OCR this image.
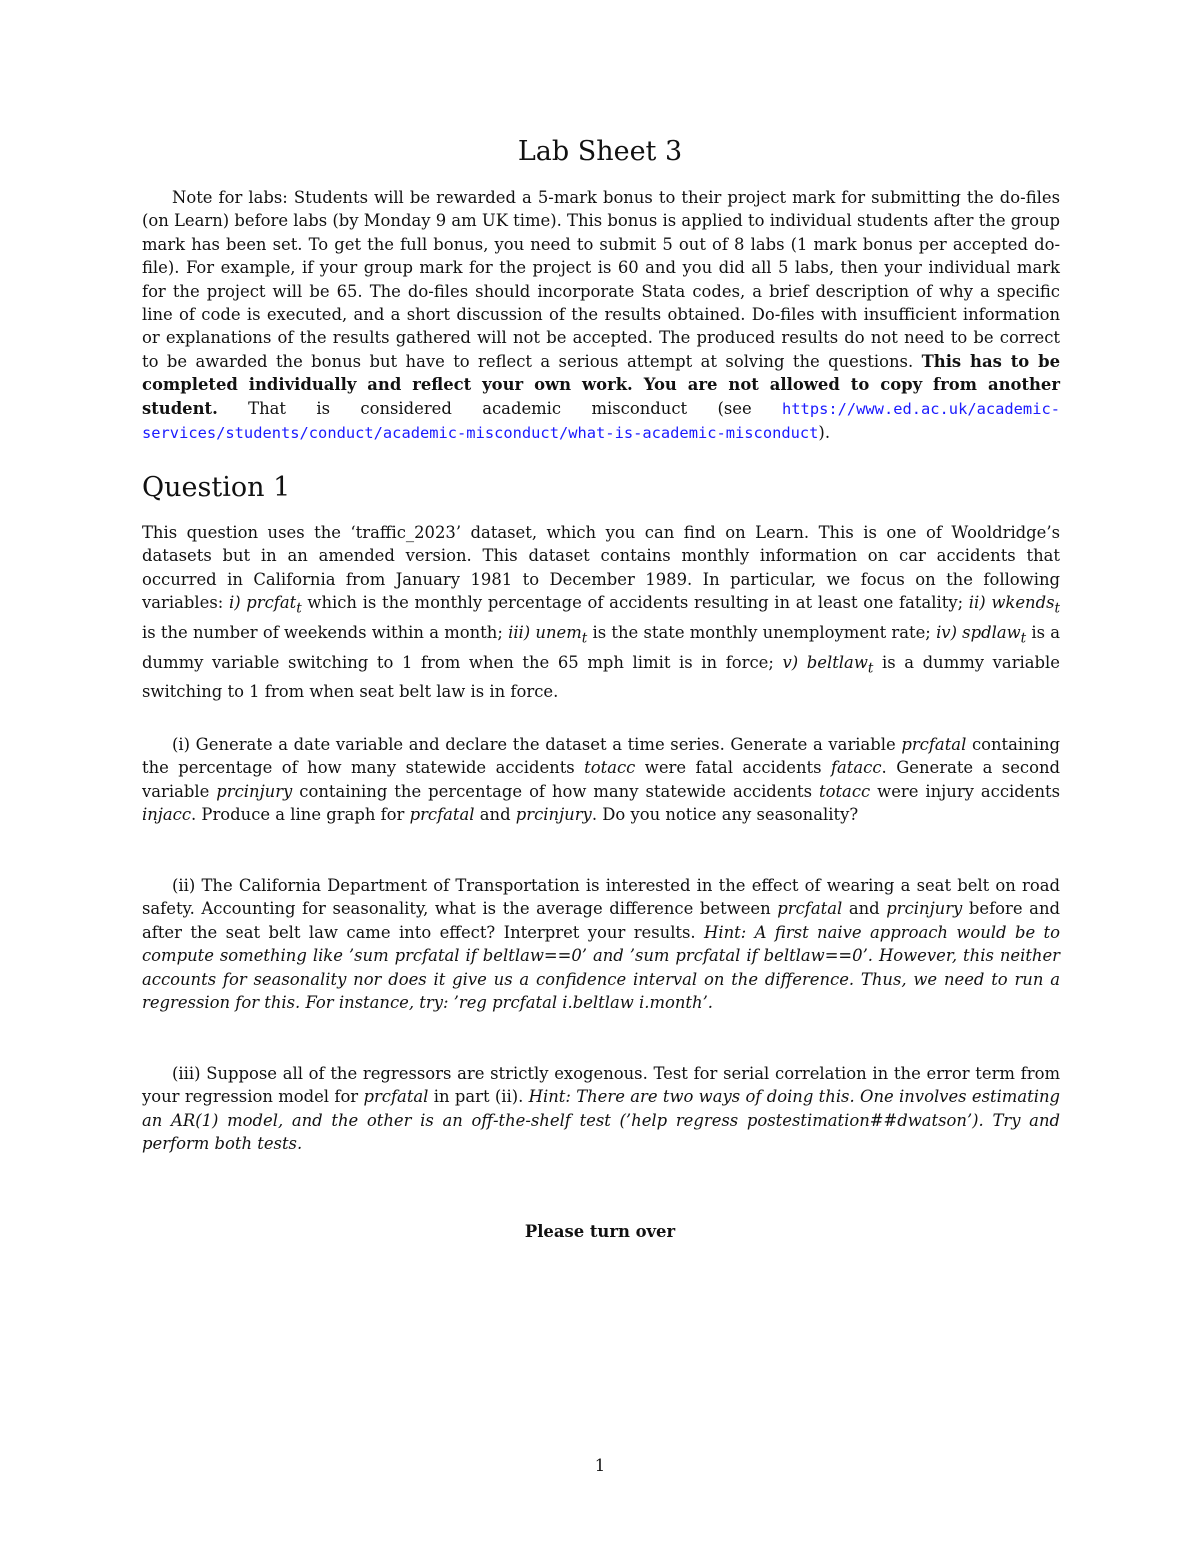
Lab Sheet 3

Note for labs: Students will be rewarded a 5-mark bonus to their project mark for submitting the do-files (on Learn) before labs (by Monday 9 am UK time). This bonus is applied to individual students after the group mark has been set. To get the full bonus, you need to submit 5 out of 8 labs (1 mark bonus per accepted do-file). For example, if your group mark for the project is 60 and you did all 5 labs, then your individual mark for the project will be 65. The do-files should incorporate Stata codes, a brief description of why a specific line of code is executed, and a short discussion of the results obtained. Do-files with insufficient information or explanations of the results gathered will not be accepted. The produced results do not need to be correct to be awarded the bonus but have to reflect a serious attempt at solving the questions. This has to be completed individually and reflect your own work. You are not allowed to copy from another student. That is considered academic misconduct (see https://www.ed.ac.uk/academic-services/students/conduct/academic-misconduct/what-is-academic-misconduct).

Question 1

This question uses the ‘traffic_2023’ dataset, which you can find on Learn. This is one of Wooldridge’s datasets but in an amended version. This dataset contains monthly information on car accidents that occurred in California from January 1981 to December 1989. In particular, we focus on the following variables: i) prcfat$_t$ which is the monthly percentage of accidents resulting in at least one fatality; ii) wkends$_t$ is the number of weekends within a month; iii) unem$_t$ is the state monthly unemployment rate; iv) spdlaw$_t$ is a dummy variable switching to 1 from when the 65 mph limit is in force; v) beltlaw$_t$ is a dummy variable switching to 1 from when seat belt law is in force.

(i) Generate a date variable and declare the dataset a time series. Generate a variable prcfatal containing the percentage of how many statewide accidents totacc were fatal accidents fatacc. Generate a second variable prcinjury containing the percentage of how many statewide accidents totacc were injury accidents injacc. Produce a line graph for prcfatal and prcinjury. Do you notice any seasonality?

(ii) The California Department of Transportation is interested in the effect of wearing a seat belt on road safety. Accounting for seasonality, what is the average difference between prcfatal and prcinjury before and after the seat belt law came into effect? Interpret your results. Hint: A first naive approach would be to compute something like ’sum prcfatal if beltlaw==0’ and ’sum prcfatal if beltlaw==0’. However, this neither accounts for seasonality nor does it give us a confidence interval on the difference. Thus, we need to run a regression for this. For instance, try: ’reg prcfatal i.beltlaw i.month’.

(iii) Suppose all of the regressors are strictly exogenous. Test for serial correlation in the error term from your regression model for prcfatal in part (ii). Hint: There are two ways of doing this. One involves estimating an AR(1) model, and the other is an off-the-shelf test (’help regress postestimation##dwatson’). Try and perform both tests.

Please turn over

1
